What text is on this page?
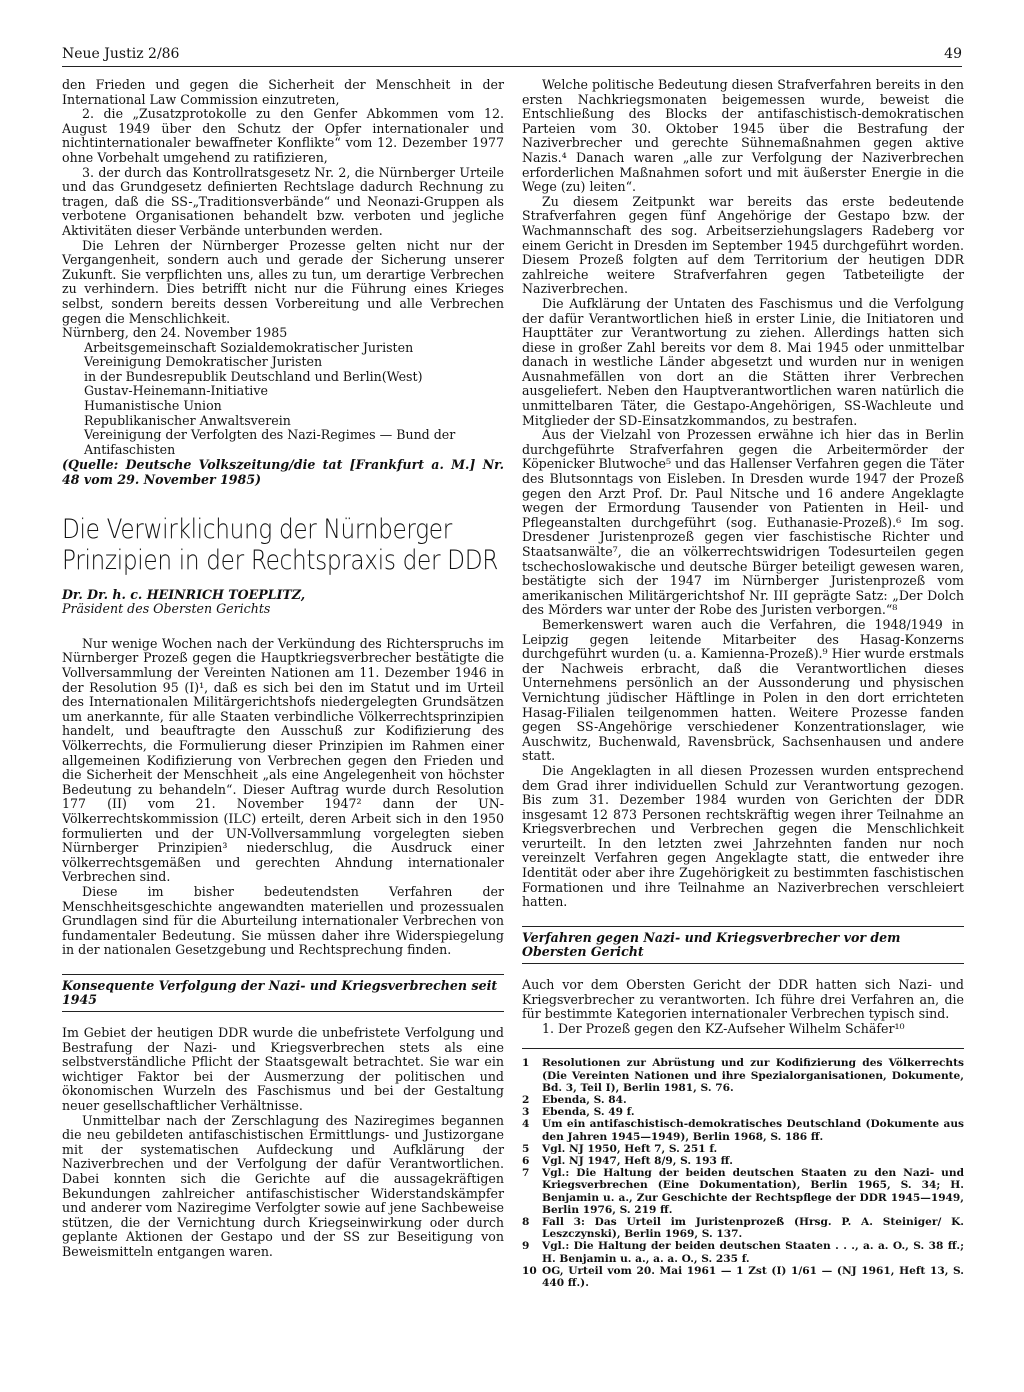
Neue Justiz 2/86	49

den Frieden und gegen die Sicherheit der Menschheit in der International Law Commission einzutreten,

2. die „Zusatzprotokolle zu den Genfer Abkommen vom 12. August 1949 über den Schutz der Opfer internationaler und nichtinternationaler bewaffneter Konflikte“ vom 12. Dezember 1977 ohne Vorbehalt umgehend zu ratifizieren,

3. der durch das Kontrollratsgesetz Nr. 2, die Nürnberger Urteile und das Grundgesetz definierten Rechtslage dadurch Rechnung zu tragen, daß die SS-„Traditionsverbände“ und Neonazi-Gruppen als verbotene Organisationen behandelt bzw. verboten und jegliche Aktivitäten dieser Verbände unterbunden werden.

Die Lehren der Nürnberger Prozesse gelten nicht nur der Vergangenheit, sondern auch und gerade der Sicherung unserer Zukunft. Sie verpflichten uns, alles zu tun, um derartige Verbrechen zu verhindern. Dies betrifft nicht nur die Führung eines Krieges selbst, sondern bereits dessen Vorbereitung und alle Verbrechen gegen die Menschlichkeit.

Nürnberg, den 24. November 1985
Arbeitsgemeinschaft Sozialdemokratischer Juristen
Vereinigung Demokratischer Juristen
in der Bundesrepublik Deutschland und Berlin(West)
Gustav-Heinemann-Initiative
Humanistische Union
Republikanischer Anwaltsverein
Vereinigung der Verfolgten des Nazi-Regimes — Bund der Antifaschisten

(Quelle: Deutsche Volkszeitung/die tat [Frankfurt a. M.] Nr. 48 vom 29. November 1985)

Die Verwirklichung der Nürnberger Prinzipien in der Rechtspraxis der DDR
Dr. Dr. h. c. HEINRICH TOEPLITZ,
Präsident des Obersten Gerichts

Nur wenige Wochen nach der Verkündung des Richterspruchs im Nürnberger Prozeß gegen die Hauptkriegsverbrecher bestätigte die Vollversammlung der Vereinten Nationen am 11. Dezember 1946 in der Resolution 95 (I)¹, daß es sich bei den im Statut und im Urteil des Internationalen Militärgerichtshofs niedergelegten Grundsätzen um anerkannte, für alle Staaten verbindliche Völkerrechtsprinzipien handelt, und beauftragte den Ausschuß zur Kodifizierung des Völkerrechts, die Formulierung dieser Prinzipien im Rahmen einer allgemeinen Kodifizierung von Verbrechen gegen den Frieden und die Sicherheit der Menschheit „als eine Angelegenheit von höchster Bedeutung zu behandeln“. Dieser Auftrag wurde durch Resolution 177 (II) vom 21. November 1947² dann der UN-Völkerrechtskommission (ILC) erteilt, deren Arbeit sich in den 1950 formulierten und der UN-Vollversammlung vorgelegten sieben Nürnberger Prinzipien³ niederschlug, die Ausdruck einer völkerrechtsgemäßen und gerechten Ahndung internationaler Verbrechen sind.

Diese im bisher bedeutendsten Verfahren der Menschheitsgeschichte angewandten materiellen und prozessualen Grundlagen sind für die Aburteilung internationaler Verbrechen von fundamentaler Bedeutung. Sie müssen daher ihre Widerspiegelung in der nationalen Gesetzgebung und Rechtsprechung finden.

Konsequente Verfolgung der Nazi- und Kriegsverbrechen seit 1945

Im Gebiet der heutigen DDR wurde die unbefristete Verfolgung und Bestrafung der Nazi- und Kriegsverbrechen stets als eine selbstverständliche Pflicht der Staatsgewalt betrachtet. Sie war ein wichtiger Faktor bei der Ausmerzung der politischen und ökonomischen Wurzeln des Faschismus und bei der Gestaltung neuer gesellschaftlicher Verhältnisse.

Unmittelbar nach der Zerschlagung des Naziregimes begannen die neu gebildeten antifaschistischen Ermittlungs- und Justizorgane mit der systematischen Aufdeckung und Aufklärung der Naziverbrechen und der Verfolgung der dafür Verantwortlichen. Dabei konnten sich die Gerichte auf die aussagekräftigen Bekundungen zahlreicher antifaschistischer Widerstandskämpfer und anderer vom Naziregime Verfolgter sowie auf jene Sachbeweise stützen, die der Vernichtung durch Kriegseinwirkung oder durch geplante Aktionen der Gestapo und der SS zur Beseitigung von Beweismitteln entgangen waren.

Welche politische Bedeutung diesen Strafverfahren bereits in den ersten Nachkriegsmonaten beigemessen wurde, beweist die Entschließung des Blocks der antifaschistisch-demokratischen Parteien vom 30. Oktober 1945 über die Bestrafung der Naziverbrecher und gerechte Sühnemaßnahmen gegen aktive Nazis.⁴ Danach waren „alle zur Verfolgung der Naziverbrechen erforderlichen Maßnahmen sofort und mit äußerster Energie in die Wege (zu) leiten“.

Zu diesem Zeitpunkt war bereits das erste bedeutende Strafverfahren gegen fünf Angehörige der Gestapo bzw. der Wachmannschaft des sog. Arbeitserziehungslagers Radeberg vor einem Gericht in Dresden im September 1945 durchgeführt worden. Diesem Prozeß folgten auf dem Territorium der heutigen DDR zahlreiche weitere Strafverfahren gegen Tatbeteiligte der Naziverbrechen.

Die Aufklärung der Untaten des Faschismus und die Verfolgung der dafür Verantwortlichen hieß in erster Linie, die Initiatoren und Haupttäter zur Verantwortung zu ziehen. Allerdings hatten sich diese in großer Zahl bereits vor dem 8. Mai 1945 oder unmittelbar danach in westliche Länder abgesetzt und wurden nur in wenigen Ausnahmefällen von dort an die Stätten ihrer Verbrechen ausgeliefert. Neben den Hauptverantwortlichen waren natürlich die unmittelbaren Täter, die Gestapo-Angehörigen, SS-Wachleute und Mitglieder der SD-Einsatzkommandos, zu bestrafen.

Aus der Vielzahl von Prozessen erwähne ich hier das in Berlin durchgeführte Strafverfahren gegen die Arbeitermörder der Köpenicker Blutwoche⁵ und das Hallenser Verfahren gegen die Täter des Blutsonntags von Eisleben. In Dresden wurde 1947 der Prozeß gegen den Arzt Prof. Dr. Paul Nitsche und 16 andere Angeklagte wegen der Ermordung Tausender von Patienten in Heil- und Pflegeanstalten durchgeführt (sog. Euthanasie-Prozeß).⁶ Im sog. Dresdener Juristenprozeß gegen vier faschistische Richter und Staatsanwälte⁷, die an völkerrechtswidrigen Todesurteilen gegen tschechoslowakische und deutsche Bürger beteiligt gewesen waren, bestätigte sich der 1947 im Nürnberger Juristenprozeß vom amerikanischen Militärgerichtshof Nr. III geprägte Satz: „Der Dolch des Mörders war unter der Robe des Juristen verborgen.“⁸

Bemerkenswert waren auch die Verfahren, die 1948/1949 in Leipzig gegen leitende Mitarbeiter des Hasag-Konzerns durchgeführt wurden (u. a. Kamienna-Prozeß).⁹ Hier wurde erstmals der Nachweis erbracht, daß die Verantwortlichen dieses Unternehmens persönlich an der Aussonderung und physischen Vernichtung jüdischer Häftlinge in Polen in den dort errichteten Hasag-Filialen teilgenommen hatten. Weitere Prozesse fanden gegen SS-Angehörige verschiedener Konzentrationslager, wie Auschwitz, Buchenwald, Ravensbrück, Sachsenhausen und andere statt.

Die Angeklagten in all diesen Prozessen wurden entsprechend dem Grad ihrer individuellen Schuld zur Verantwortung gezogen. Bis zum 31. Dezember 1984 wurden von Gerichten der DDR insgesamt 12 873 Personen rechtskräftig wegen ihrer Teilnahme an Kriegsverbrechen und Verbrechen gegen die Menschlichkeit verurteilt. In den letzten zwei Jahrzehnten fanden nur noch vereinzelt Verfahren gegen Angeklagte statt, die entweder ihre Identität oder aber ihre Zugehörigkeit zu bestimmten faschistischen Formationen und ihre Teilnahme an Naziverbrechen verschleiert hatten.

Verfahren gegen Nazi- und Kriegsverbrecher vor dem Obersten Gericht

Auch vor dem Obersten Gericht der DDR hatten sich Nazi- und Kriegsverbrecher zu verantworten. Ich führe drei Verfahren an, die für bestimmte Kategorien internationaler Verbrechen typisch sind.

1. Der Prozeß gegen den KZ-Aufseher Wilhelm Schäfer¹⁰

1	Resolutionen zur Abrüstung und zur Kodifizierung des Völkerrechts (Die Vereinten Nationen und ihre Spezialorganisationen, Dokumente, Bd. 3, Teil I), Berlin 1981, S. 76.
2	Ebenda, S. 84.
3	Ebenda, S. 49 f.
4	Um ein antifaschistisch-demokratisches Deutschland (Dokumente aus den Jahren 1945—1949), Berlin 1968, S. 186 ff.
5	Vgl. NJ 1950, Heft 7, S. 251 f.
6	Vgl. NJ 1947, Heft 8/9, S. 193 ff.
7	Vgl.: Die Haltung der beiden deutschen Staaten zu den Nazi- und Kriegsverbrechen (Eine Dokumentation), Berlin 1965, S. 34; H. Benjamin u. a., Zur Geschichte der Rechtspflege der DDR 1945—1949, Berlin 1976, S. 219 ff.
8	Fall 3: Das Urteil im Juristenprozeß (Hrsg. P. A. Steiniger/ K. Leszczynski), Berlin 1969, S. 137.
9	Vgl.: Die Haltung der beiden deutschen Staaten . . ., a. a. O., S. 38 ff.; H. Benjamin u. a., a. a. O., S. 235 f.
10 OG, Urteil vom 20. Mai 1961 — 1 Zst (I) 1/61 — (NJ 1961, Heft 13, S. 440 ff.).
